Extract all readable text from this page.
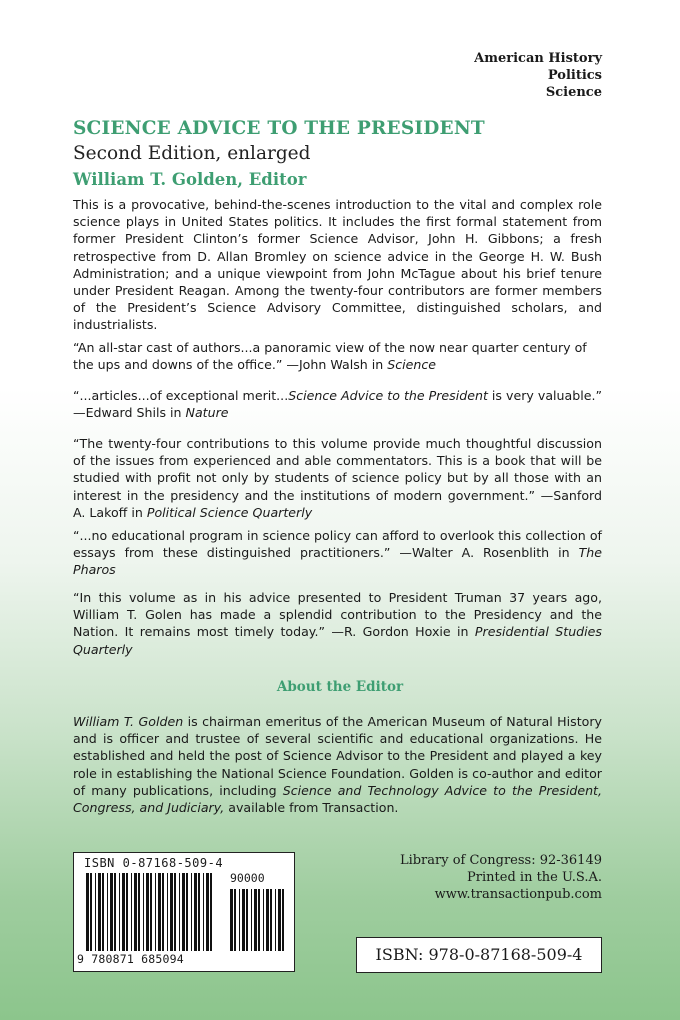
American History
Politics
Science
SCIENCE ADVICE TO THE PRESIDENT
Second Edition, enlarged
William T. Golden, Editor

This is a provocative, behind-the-scenes introduction to the vital and complex role science plays in United States politics. It includes the first formal statement from former President Clinton’s former Science Advisor, John H. Gibbons; a fresh retrospective from D. Allan Bromley on science advice in the George H. W. Bush Administration; and a unique viewpoint from John McTague about his brief tenure under President Reagan. Among the twenty-four contributors are former members of the President’s Science Advisory Committee, distinguished scholars, and industrialists.

“An all-star cast of authors...a panoramic view of the now near quarter century of the ups and downs of the office.” —John Walsh in Science

“...articles...of exceptional merit...Science Advice to the President is very valuable.” —Edward Shils in Nature

“The twenty-four contributions to this volume provide much thoughtful discussion of the issues from experienced and able commentators. This is a book that will be studied with profit not only by students of science policy but by all those with an interest in the presidency and the institutions of modern government.” —Sanford A. Lakoff in Political Science Quarterly

“...no educational program in science policy can afford to overlook this collection of essays from these distinguished practitioners.” —Walter A. Rosenblith in The Pharos

“In this volume as in his advice presented to President Truman 37 years ago, William T. Golen has made a splendid contribution to the Presidency and the Nation. It remains most timely today.” —R. Gordon Hoxie in Presidential Studies Quarterly

About the Editor

William T. Golden is chairman emeritus of the American Museum of Natural History and is officer and trustee of several scientific and educational organizations. He established and held the post of Science Advisor to the President and played a key role in establishing the National Science Foundation. Golden is co-author and editor of many publications, including Science and Technology Advice to the President, Congress, and Judiciary, available from Transaction.

ISBN 0-87168-509-4
90000
9 780871 685094
Library of Congress: 92-36149
Printed in the U.S.A.
www.transactionpub.com
ISBN: 978-0-87168-509-4
